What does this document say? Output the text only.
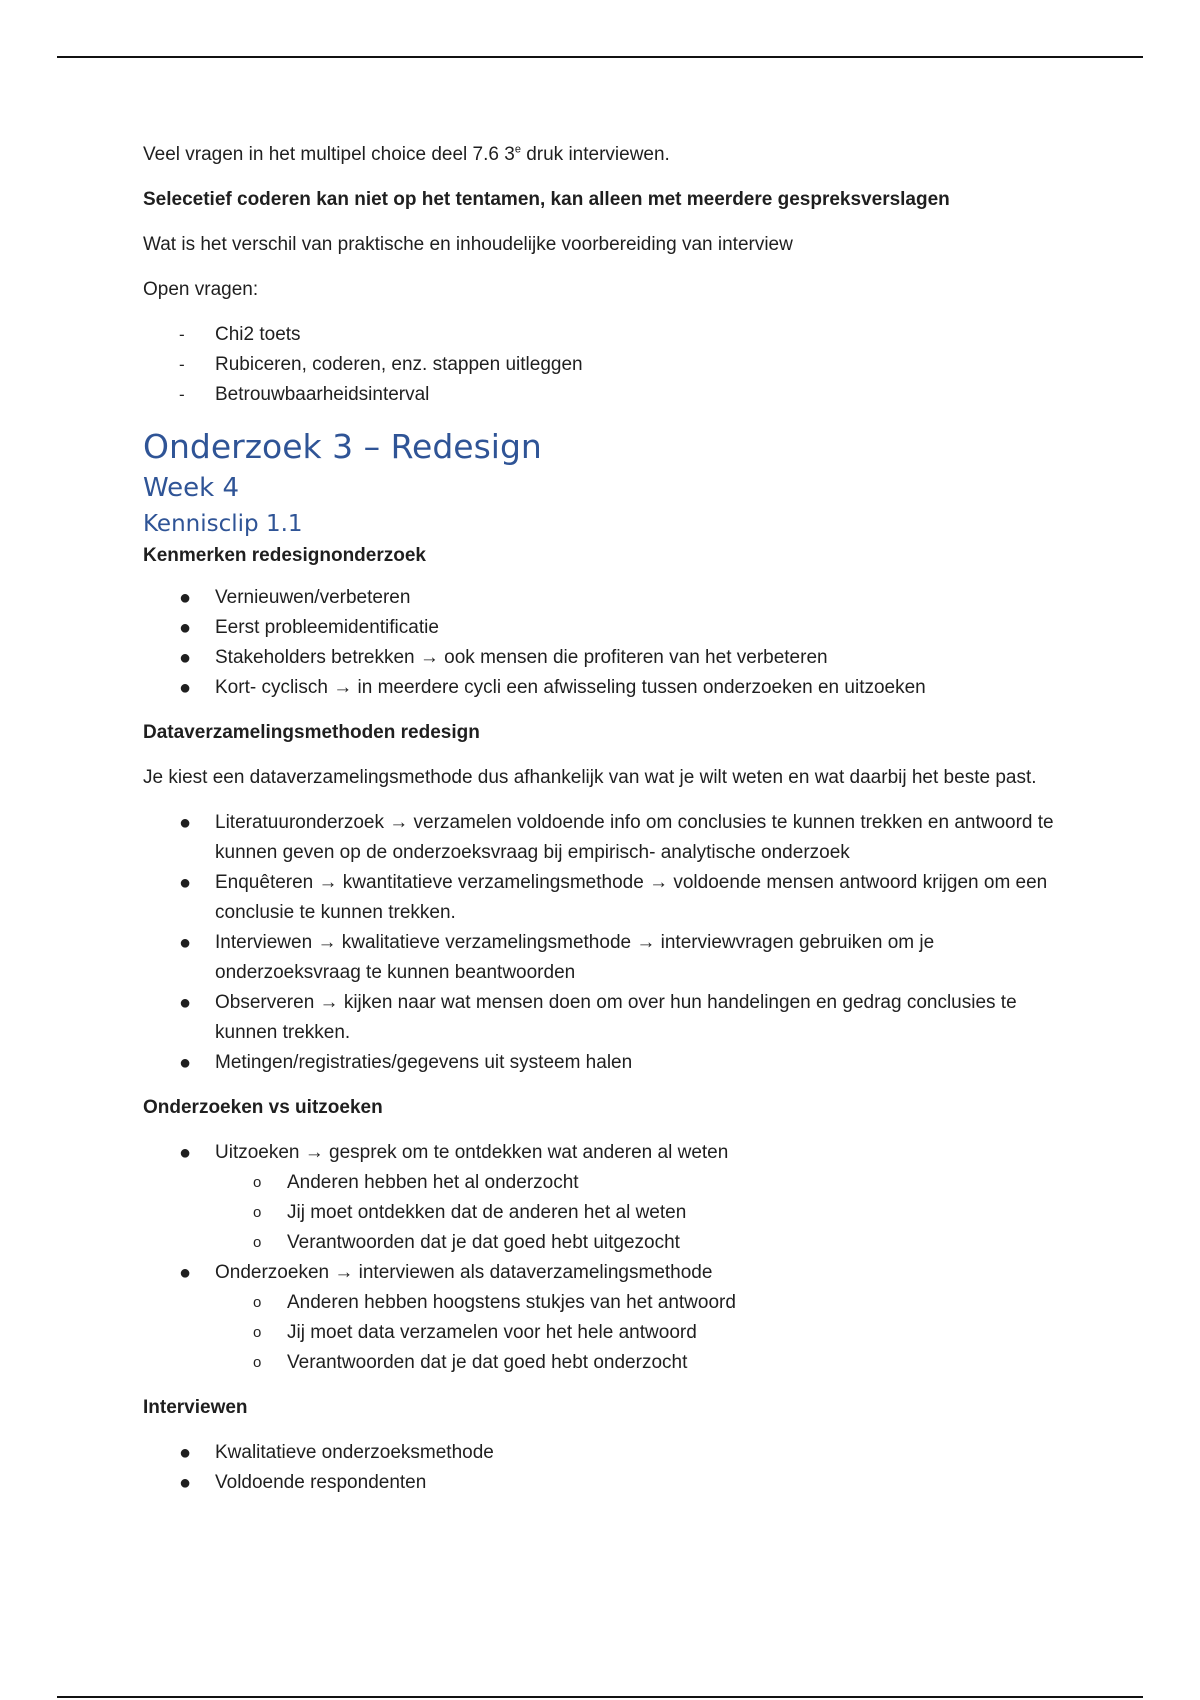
Veel vragen in het multipel choice deel 7.6 3e druk interviewen.

Selecetief coderen kan niet op het tentamen, kan alleen met meerdere gespreksverslagen

Wat is het verschil van praktische en inhoudelijke voorbereiding van interview

Open vragen:

-	Chi2 toets
-	Rubiceren, coderen, enz. stappen uitleggen
-	Betrouwbaarheidsinterval
Onderzoek 3 – Redesign
Week 4
Kennisclip 1.1

Kenmerken redesignonderzoek

●	Vernieuwen/verbeteren
●	Eerst probleemidentificatie
●	Stakeholders betrekken → ook mensen die profiteren van het verbeteren
●	Kort- cyclisch → in meerdere cycli een afwisseling tussen onderzoeken en uitzoeken

Dataverzamelingsmethoden redesign

Je kiest een dataverzamelingsmethode dus afhankelijk van wat je wilt weten en wat daarbij het beste past.

●	Literatuuronderzoek → verzamelen voldoende info om conclusies te kunnen trekken en antwoord te kunnen geven op de onderzoeksvraag bij empirisch- analytische onderzoek
●	Enquêteren → kwantitatieve verzamelingsmethode → voldoende mensen antwoord krijgen om een conclusie te kunnen trekken.
●	Interviewen → kwalitatieve verzamelingsmethode → interviewvragen gebruiken om je onderzoeksvraag te kunnen beantwoorden
●	Observeren → kijken naar wat mensen doen om over hun handelingen en gedrag conclusies te kunnen trekken.
●	Metingen/registraties/gegevens uit systeem halen

Onderzoeken vs uitzoeken

●	Uitzoeken → gesprek om te ontdekken wat anderen al weten
o	Anderen hebben het al onderzocht
o	Jij moet ontdekken dat de anderen het al weten
o	Verantwoorden dat je dat goed hebt uitgezocht
●	Onderzoeken → interviewen als dataverzamelingsmethode
o	Anderen hebben hoogstens stukjes van het antwoord
o	Jij moet data verzamelen voor het hele antwoord
o	Verantwoorden dat je dat goed hebt onderzocht

Interviewen

●	Kwalitatieve onderzoeksmethode
●	Voldoende respondenten
